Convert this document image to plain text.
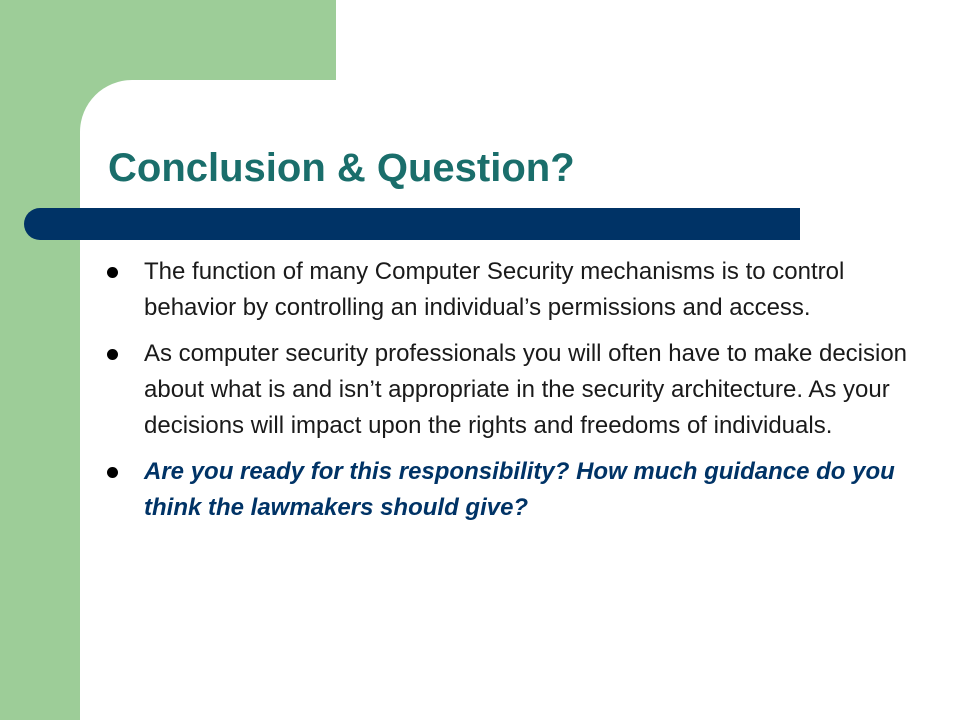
Conclusion & Question?
The function of many Computer Security mechanisms is to control behavior by controlling an individual’s permissions and access.
As computer security professionals you will often have to make decision about what is and isn’t appropriate in the security architecture. As your decisions will impact upon the rights and freedoms of individuals.
Are you ready for this responsibility? How much guidance do you think the lawmakers should give?
